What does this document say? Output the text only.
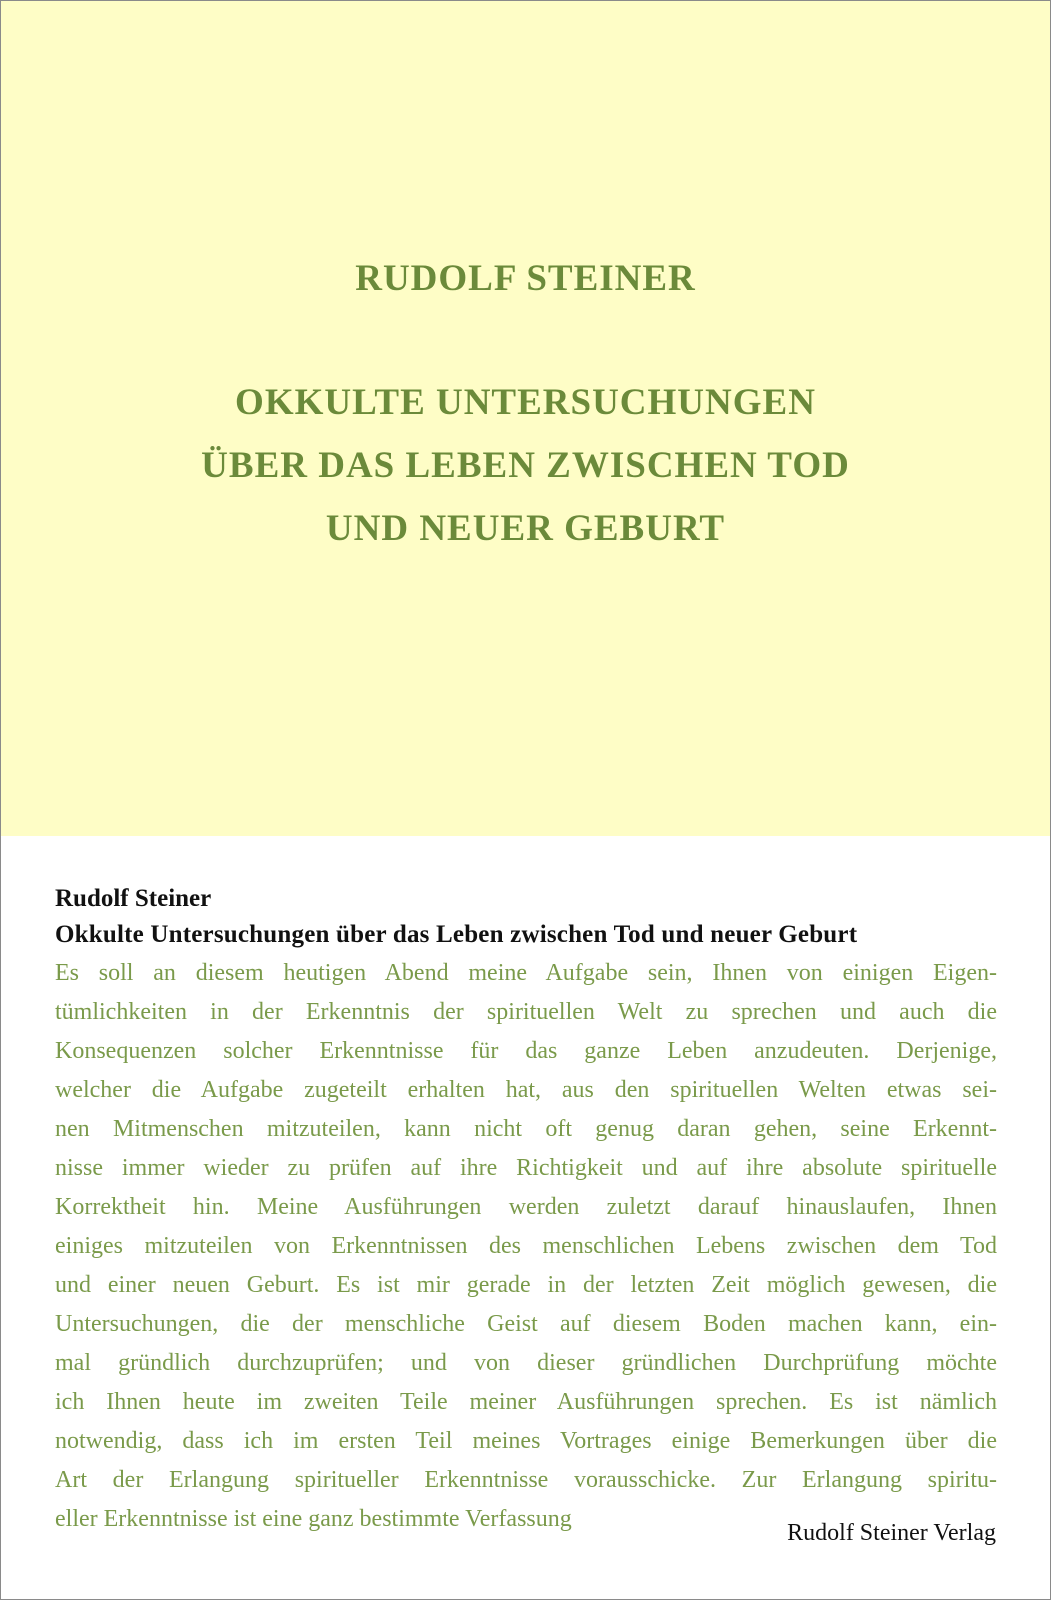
RUDOLF STEINER
OKKULTE UNTERSUCHUNGEN
ÜBER DAS LEBEN ZWISCHEN TOD
UND NEUER GEBURT
Rudolf Steiner
Okkulte Untersuchungen über das Leben zwischen Tod und neuer Geburt
Es soll an diesem heutigen Abend meine Aufgabe sein, Ihnen von einigen Eigen-
tümlichkeiten in der Erkenntnis der spirituellen Welt zu sprechen und auch die
Konsequenzen solcher Erkenntnisse für das ganze Leben anzudeuten. Derjenige,
welcher die Aufgabe zugeteilt erhalten hat, aus den spirituellen Welten etwas sei-
nen Mitmenschen mitzuteilen, kann nicht oft genug daran gehen, seine Erkennt-
nisse immer wieder zu prüfen auf ihre Richtigkeit und auf ihre absolute spirituelle
Korrektheit hin. Meine Ausführungen werden zuletzt darauf hinauslaufen, Ihnen
einiges mitzuteilen von Erkenntnissen des menschlichen Lebens zwischen dem Tod
und einer neuen Geburt. Es ist mir gerade in der letzten Zeit möglich gewesen, die
Untersuchungen, die der menschliche Geist auf diesem Boden machen kann, ein-
mal gründlich durchzuprüfen; und von dieser gründlichen Durchprüfung möchte
ich Ihnen heute im zweiten Teile meiner Ausführungen sprechen. Es ist nämlich
notwendig, dass ich im ersten Teil meines Vortrages einige Bemerkungen über die
Art der Erlangung spiritueller Erkenntnisse vorausschicke. Zur Erlangung spiritu-
eller Erkenntnisse ist eine ganz bestimmte Verfassung
Rudolf Steiner Verlag
